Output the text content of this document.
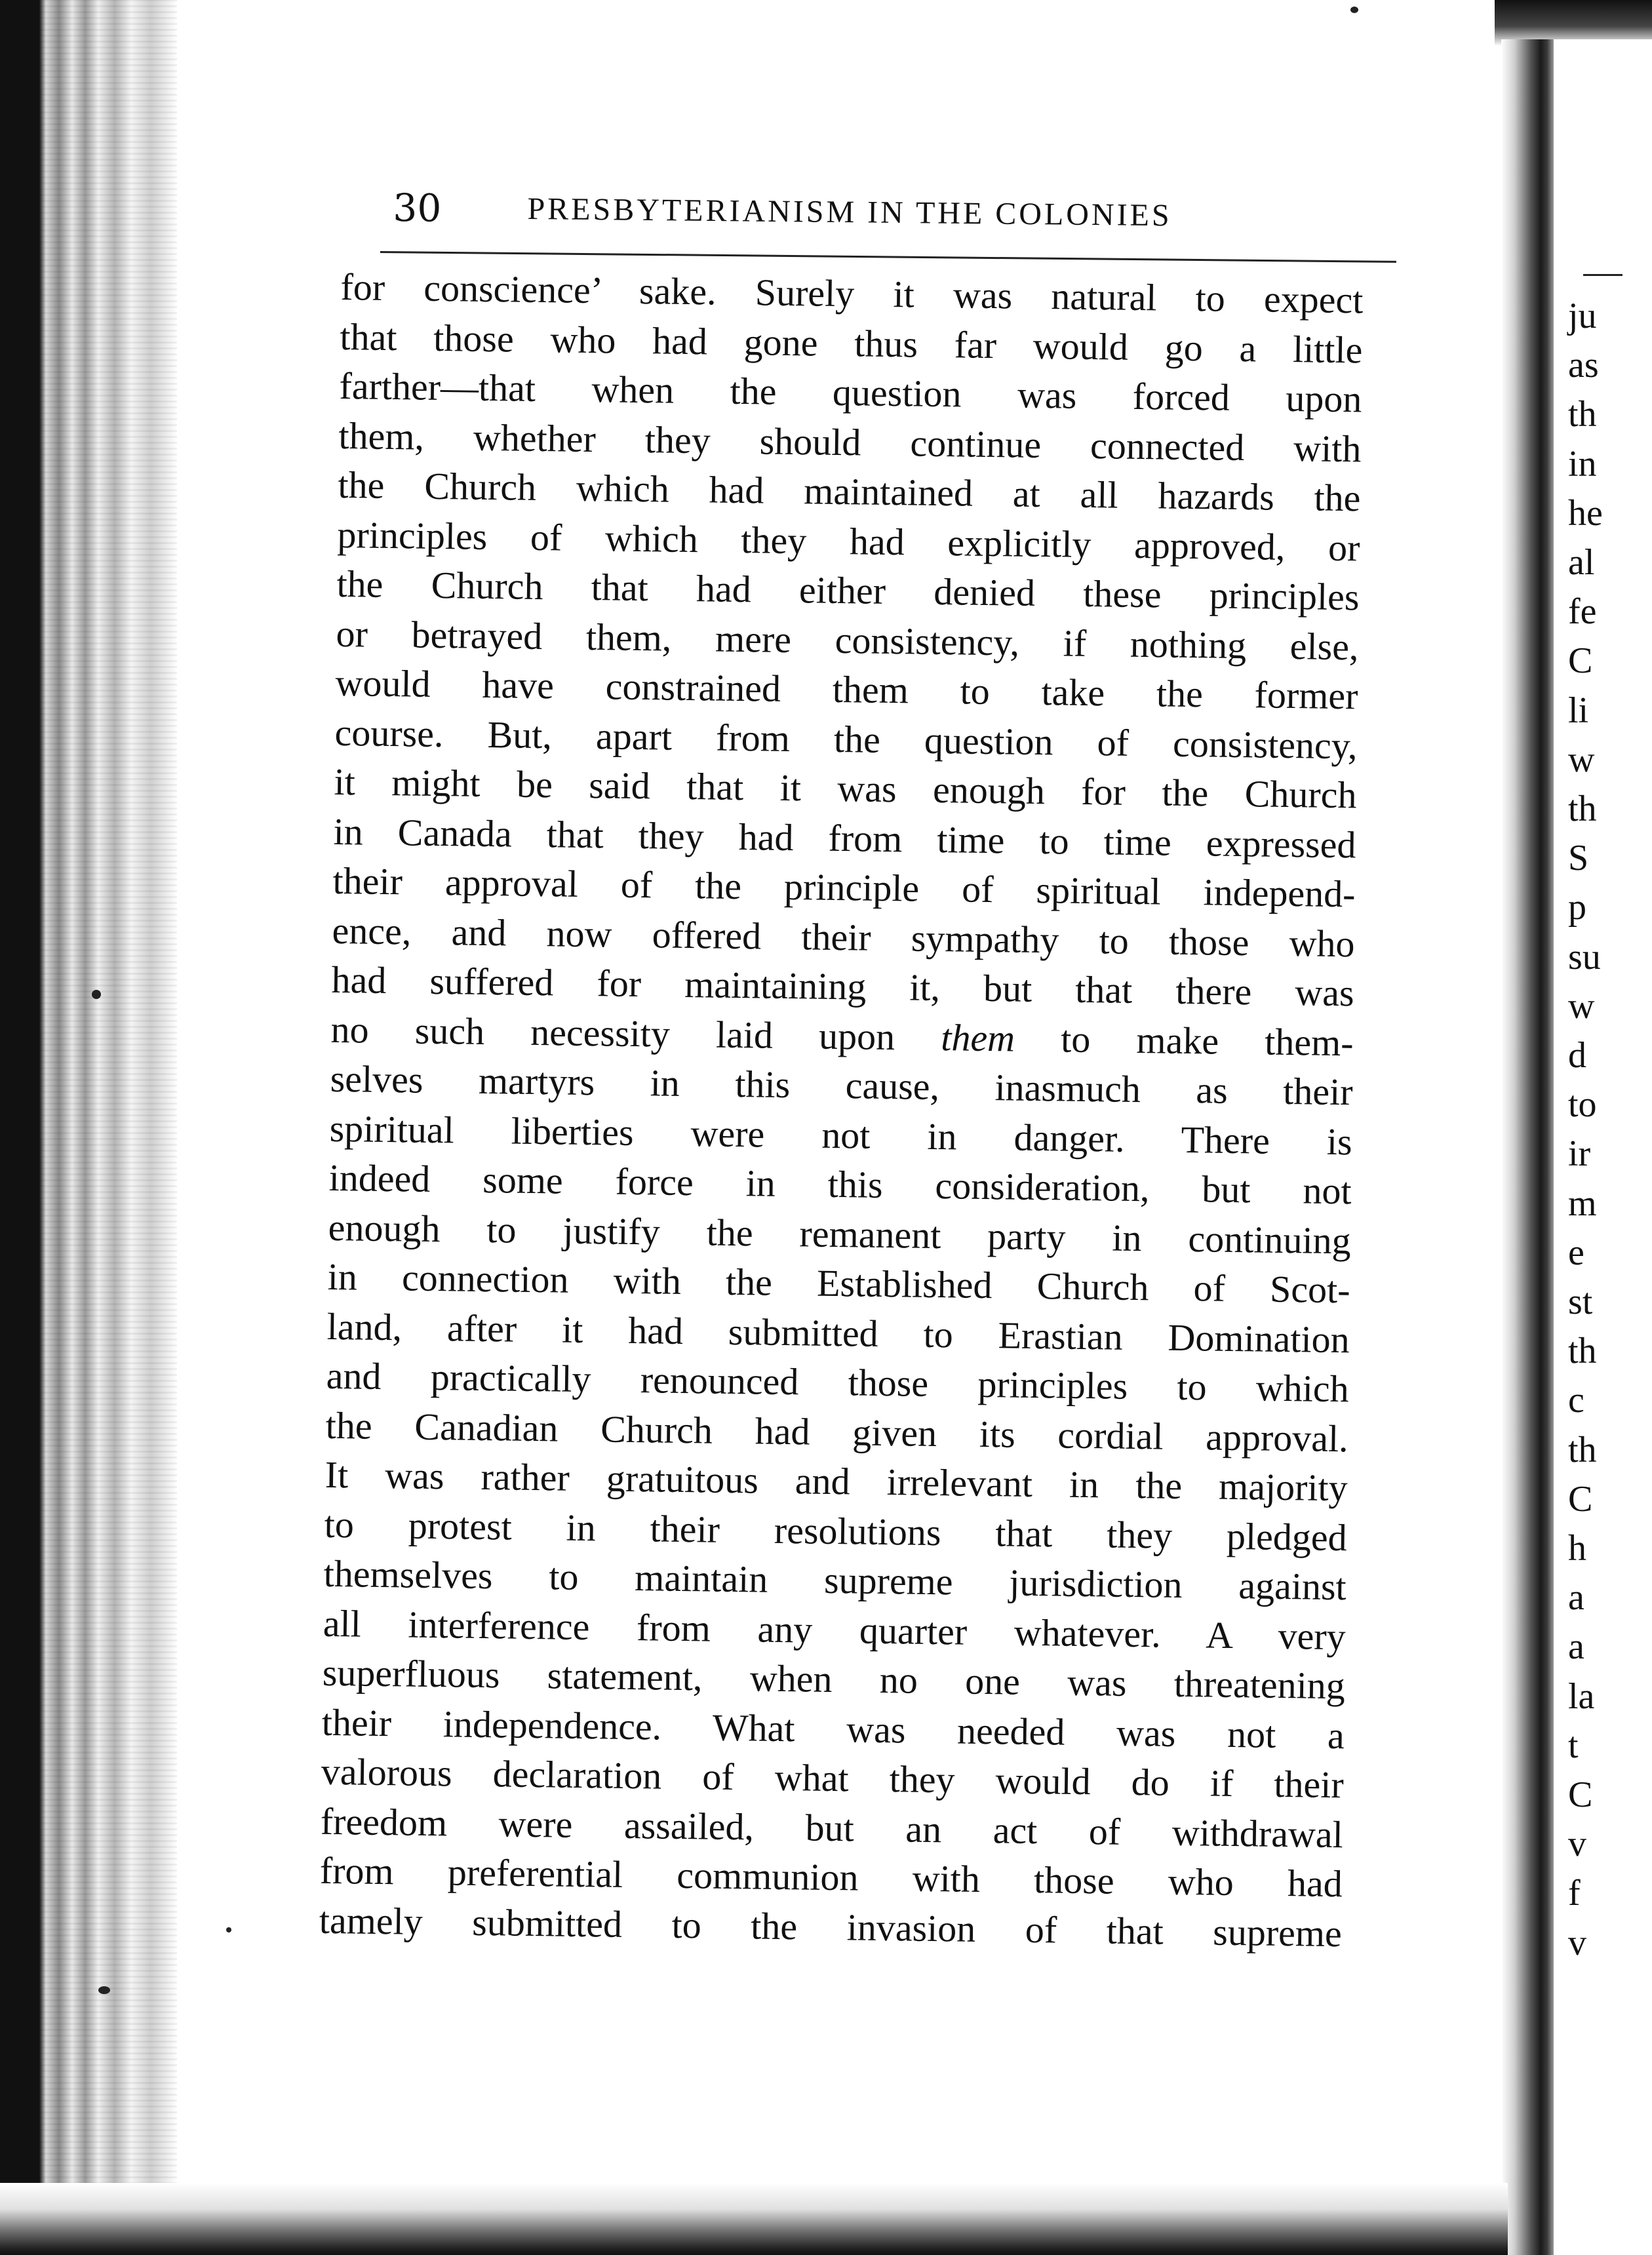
ju
as
th
in
he
al
fe
C
li
w
th
S
p
su
w
d
to
ir
m
e
st
th
c
th
C
h
a
a
la
t
C
v
f
v
30	PRESBYTERIANISM IN THE COLONIES
for conscience’ sake. Surely it was natural to expect
that those who had gone thus far would go a little
farther—that when the question was forced upon
them, whether they should continue connected with
the Church which had maintained at all hazards the
principles of which they had explicitly approved, or
the Church that had either denied these principles
or betrayed them, mere consistency, if nothing else,
would have constrained them to take the former
course. But, apart from the question of consistency,
it might be said that it was enough for the Church
in Canada that they had from time to time expressed
their approval of the principle of spiritual independ-
ence, and now offered their sympathy to those who
had suffered for maintaining it, but that there was
no such necessity laid upon them to make them-
selves martyrs in this cause, inasmuch as their
spiritual liberties were not in danger. There is
indeed some force in this consideration, but not
enough to justify the remanent party in continuing
in connection with the Established Church of Scot-
land, after it had submitted to Erastian Domination
and practically renounced those principles to which
the Canadian Church had given its cordial approval.
It was rather gratuitous and irrelevant in the majority
to protest in their resolutions that they pledged
themselves to maintain supreme jurisdiction against
all interference from any quarter whatever. A very
superfluous statement, when no one was threatening
their independence. What was needed was not a
valorous declaration of what they would do if their
freedom were assailed, but an act of withdrawal
from preferential communion with those who had
tamely submitted to the invasion of that supreme
